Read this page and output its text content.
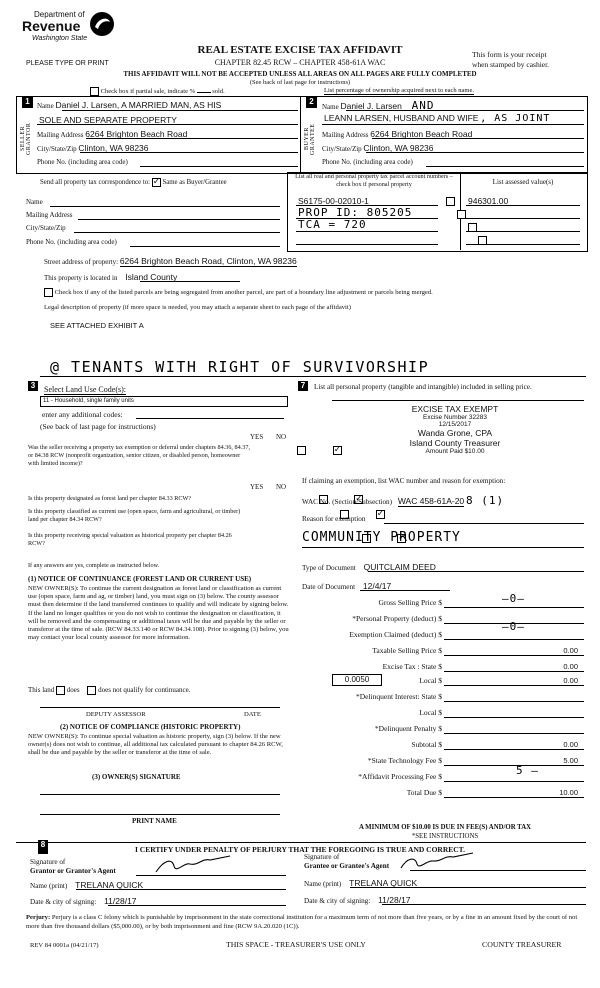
Department of
Revenue
Washington State
PLEASE TYPE OR PRINT
REAL ESTATE EXCISE TAX AFFIDAVIT
CHAPTER 82.45 RCW – CHAPTER 458-61A WAC
This form is your receipt
when stamped by cashier.
THIS AFFIDAVIT WILL NOT BE ACCEPTED UNLESS ALL AREAS ON ALL PAGES ARE FULLY COMPLETED
(See back of last page for instructions)
Check box if partial sale, indicate %	sold.	List percentage of ownership acquired next to each name.
1
SELLER GRANTOR
Name Daniel J. Larsen, A MARRIED MAN, AS HIS
SOLE AND SEPARATE PROPERTY
Mailing Address 6264 Brighton Beach Road
City/State/Zip Clinton, WA 98236
Phone No. (including area code)
2
BUYER GRANTEE
Name Daniel J. Larsen AND
LEANN LARSEN, HUSBAND AND WIFE , AS JOINT
Mailing Address 6264 Brighton Beach Road
City/State/Zip Clinton, WA 98236
Phone No. (including area code)
Send all property tax correspondence to: ✓ Same as Buyer/Grantee
Name
Mailing Address
City/State/Zip
Phone No. (including area code)
List all real and personal property tax parcel account numbers – check box if personal property	List assessed value(s)
S6175-00-02010-1
PROP ID: 805205
TCA = 720

946301.00
Street address of property: 6264 Brighton Beach Road, Clinton, WA 98236
This property is located in Island County
Check box if any of the listed parcels are being segregated from another parcel, are part of a boundary line adjustment or parcels being merged.
Legal description of property (if more space is needed, you may attach a separate sheet to each page of the affidavit)
SEE ATTACHED EXHIBIT A
@ TENANTS WITH RIGHT OF SURVIVORSHIP
3	Select Land Use Code(s):
11 - Household, single family units
enter any additional codes:
(See back of last page for instructions)
YES NO
Was the seller receiving a property tax exemption or deferral under chapters 84.36, 84.37, or 84.38 RCW (nonprofit organization, senior citizen, or disabled person, homeowner with limited income)?
✓
YES NO
Is this property designated as forest land per chapter 84.33 RCW?
✓
Is this property classified as current use (open space, farm and agricultural, or timber) land per chapter 84.34 RCW?
✓
Is this property receiving special valuation as historical property per chapter 84.26 RCW?
✓
If any answers are yes, complete as instructed below.
(1) NOTICE OF CONTINUANCE (FOREST LAND OR CURRENT USE)
NEW OWNER(S): To continue the current designation as forest land or classification as current use (open space, farm and ag, or timber) land, you must sign on (3) below. The county assessor must then determine if the land transferred continues to qualify and will indicate by signing below. If the land no longer qualifies or you do not wish to continue the designation or classification, it will be removed and the compensating or additional taxes will be due and payable by the seller or transferor at the time of sale. (RCW 84.33.140 or RCW 84.34.108). Prior to signing (3) below, you may contact your local county assessor for more information.
This land does	does not qualify for continuance.
DEPUTY ASSESSOR	DATE
(2) NOTICE OF COMPLIANCE (HISTORIC PROPERTY)
NEW OWNER(S): To continue special valuation as historic property, sign (3) below. If the new owner(s) does not wish to continue, all additional tax calculated pursuant to chapter 84.26 RCW, shall be due and payable by the seller or transferor at the time of sale.
(3) OWNER(S) SIGNATURE
PRINT NAME
7	List all personal property (tangible and intangible) included in selling price.
EXCISE TAX EXEMPT
Excise Number 32283
12/15/2017
Wanda Grone, CPA
Island County Treasurer
Amount Paid $10.00
If claiming an exemption, list WAC number and reason for exemption:
WAC No. (Section/Subsection) WAC 458-61A-20 8 (1)
Reason for exemption
COMMUNITY PROPERTY
Type of Document QUITCLAIM DEED
Date of Document 12/4/17
Gross Selling Price $	–0–
*Personal Property (deduct) $
Exemption Claimed (deduct) $
–0–
Taxable Selling Price $	0.00
Excise Tax : State $	0.00
0.0050	Local $	0.00
*Delinquent Interest: State $
Local $
*Delinquent Penalty $
Subtotal $	0.00
*State Technology Fee $	5.00
*Affidavit Processing Fee $	5 —
Total Due $	10.00
A MINIMUM OF $10.00 IS DUE IN FEE(S) AND/OR TAX
*SEE INSTRUCTIONS
8
I CERTIFY UNDER PENALTY OF PERJURY THAT THE FOREGOING IS TRUE AND CORRECT.
Signature of
Grantor or Grantor's Agent
Name (print) TRELANA QUICK
Date & city of signing: 11/28/17
Signature of
Grantee or Grantee's Agent
Name (print) TRELANA QUICK
Date & city of signing: 11/28/17
Perjury: Perjury is a class C felony which is punishable by imprisonment in the state correctional institution for a maximum term of not more than five years, or by a fine in an amount fixed by the court of not more than five thousand dollars ($5,000.00), or by both imprisonment and fine (RCW 9A.20.020 (1C)).
REV 84 0001a (04/21/17)	THIS SPACE - TREASURER'S USE ONLY	COUNTY TREASURER
